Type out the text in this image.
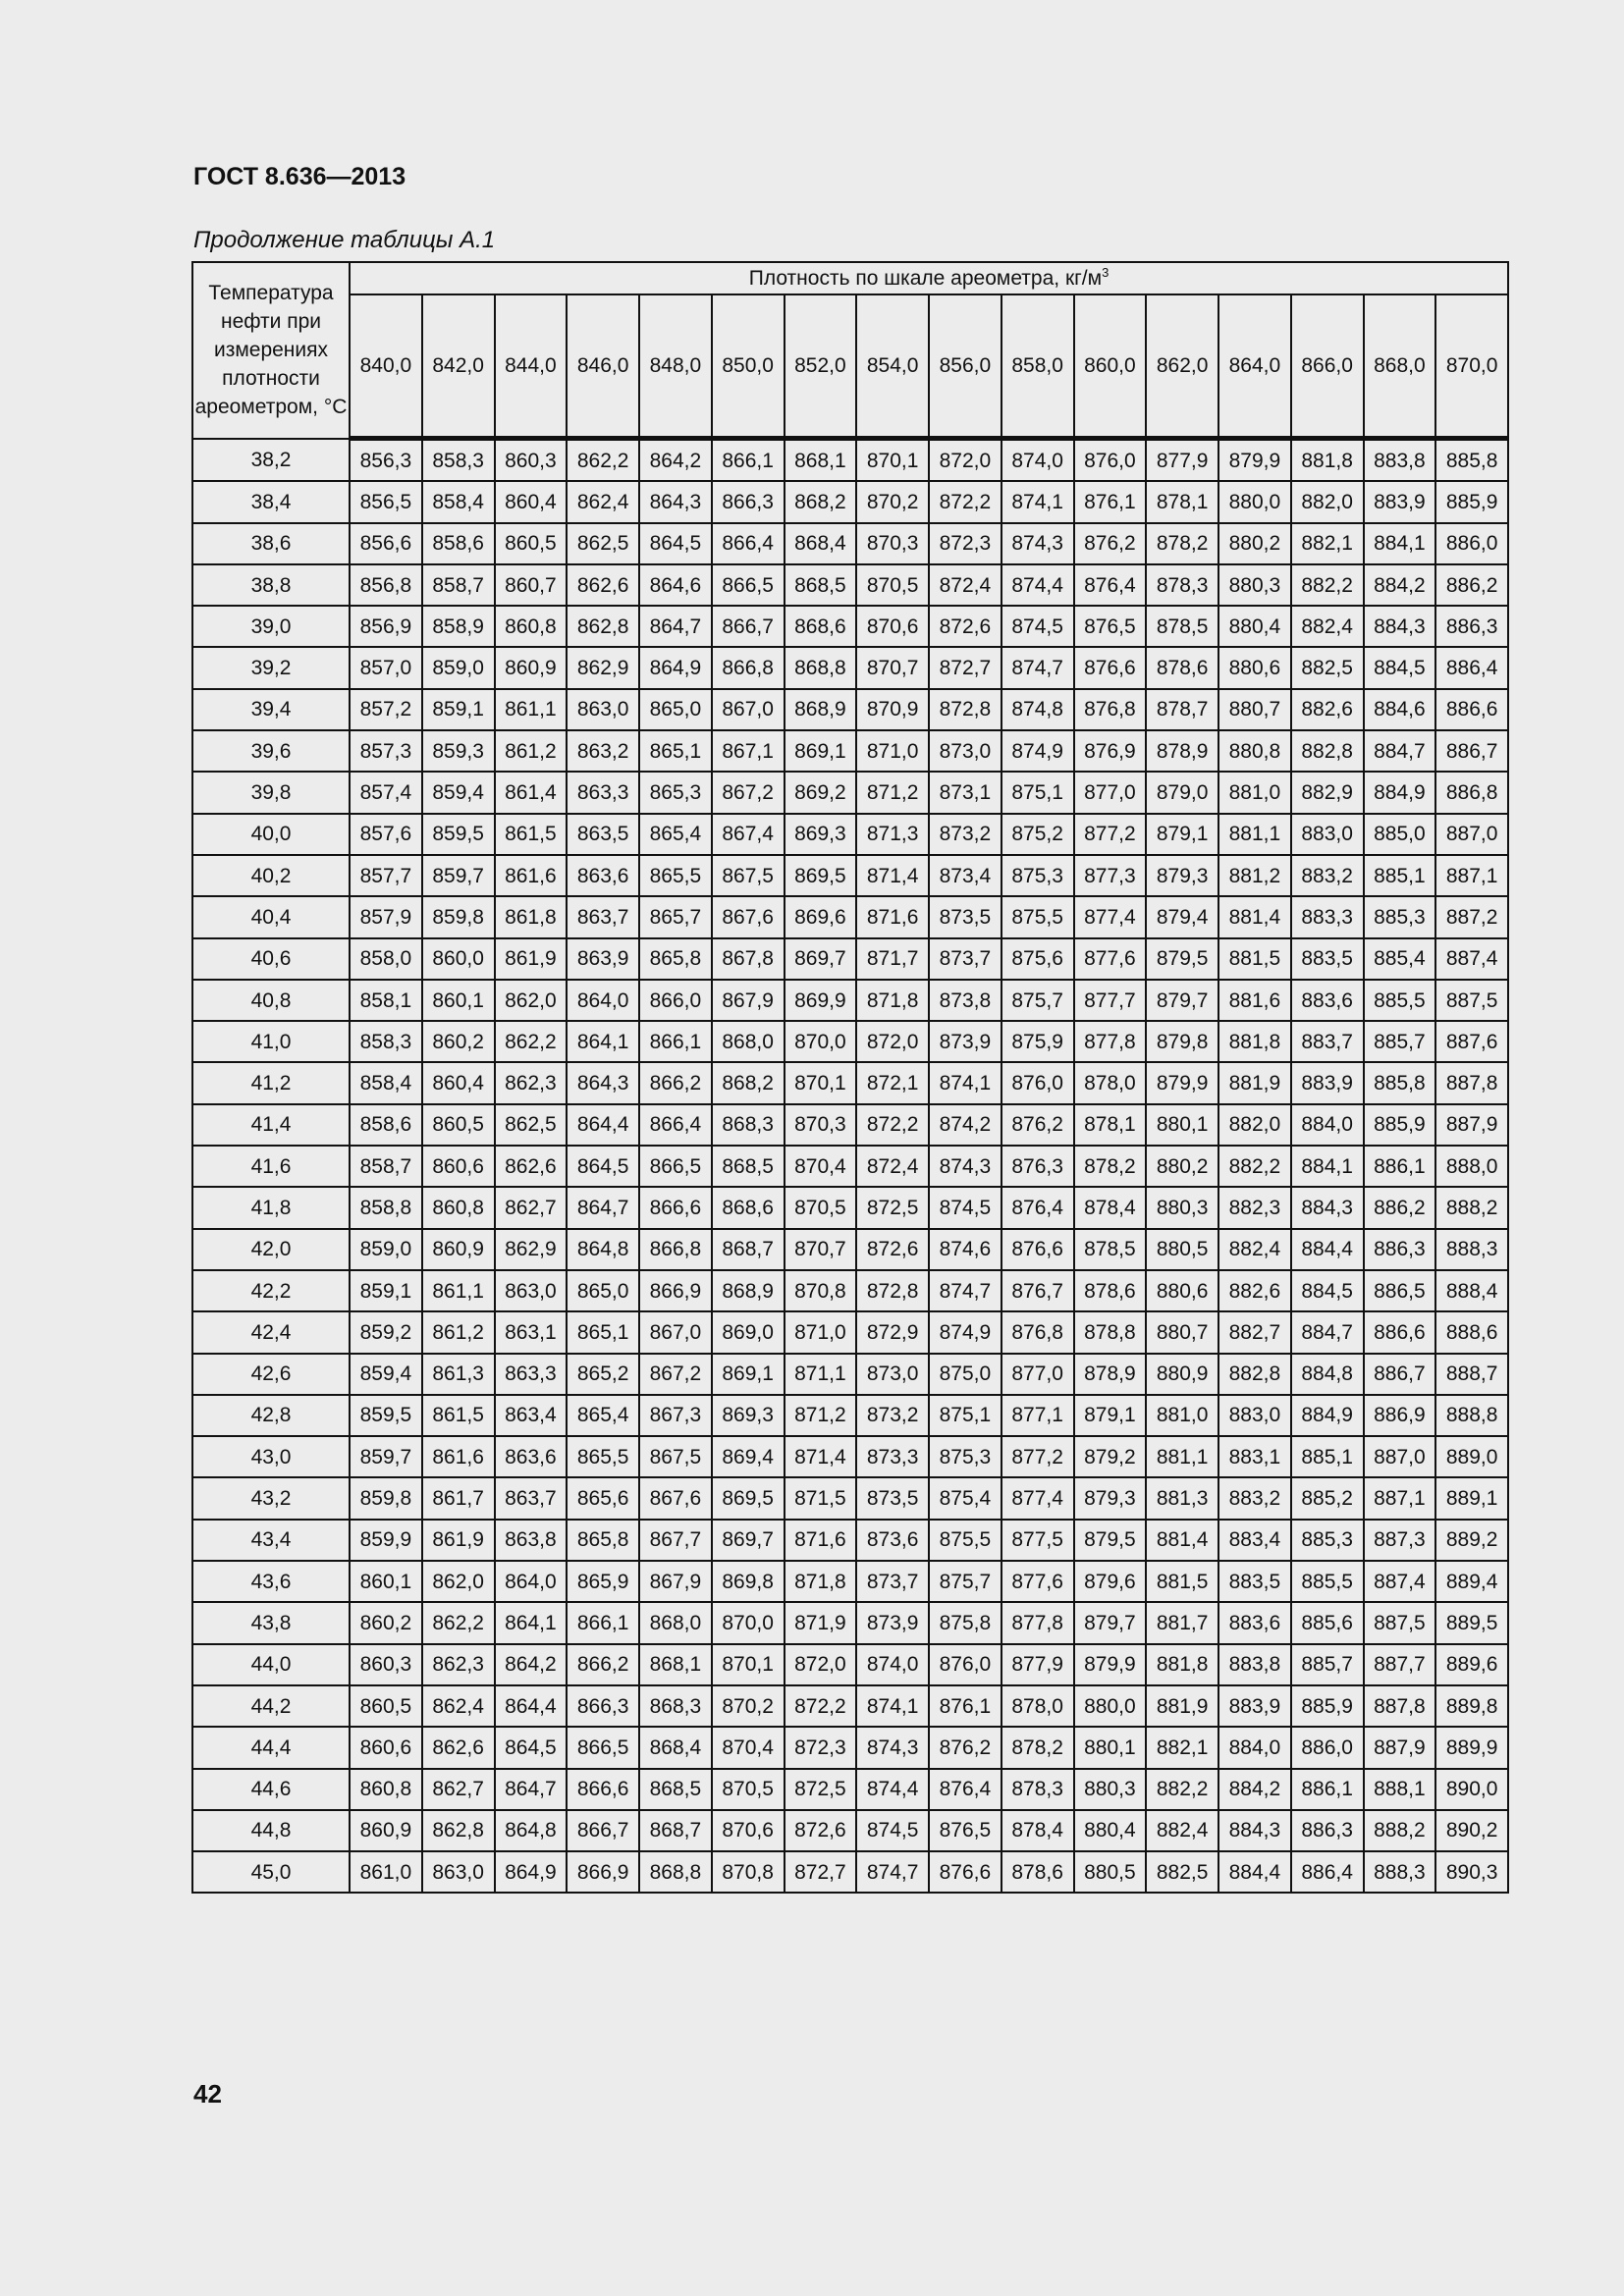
ГОСТ 8.636—2013
Продолжение таблицы А.1
Температура нефти при измерениях плотности ареометром, °С	Плотность по шкале ареометра, $кг/м^3$
	840,0	842,0	844,0	846,0	848,0	850,0	852,0	854,0	856,0	858,0	860,0	862,0	864,0	866,0	868,0	870,0
38,2	856,3	858,3	860,3	862,2	864,2	866,1	868,1	870,1	872,0	874,0	876,0	877,9	879,9	881,8	883,8	885,8
38,4	856,5	858,4	860,4	862,4	864,3	866,3	868,2	870,2	872,2	874,1	876,1	878,1	880,0	882,0	883,9	885,9
38,6	856,6	858,6	860,5	862,5	864,5	866,4	868,4	870,3	872,3	874,3	876,2	878,2	880,2	882,1	884,1	886,0
38,8	856,8	858,7	860,7	862,6	864,6	866,5	868,5	870,5	872,4	874,4	876,4	878,3	880,3	882,2	884,2	886,2
39,0	856,9	858,9	860,8	862,8	864,7	866,7	868,6	870,6	872,6	874,5	876,5	878,5	880,4	882,4	884,3	886,3
39,2	857,0	859,0	860,9	862,9	864,9	866,8	868,8	870,7	872,7	874,7	876,6	878,6	880,6	882,5	884,5	886,4
39,4	857,2	859,1	861,1	863,0	865,0	867,0	868,9	870,9	872,8	874,8	876,8	878,7	880,7	882,6	884,6	886,6
39,6	857,3	859,3	861,2	863,2	865,1	867,1	869,1	871,0	873,0	874,9	876,9	878,9	880,8	882,8	884,7	886,7
39,8	857,4	859,4	861,4	863,3	865,3	867,2	869,2	871,2	873,1	875,1	877,0	879,0	881,0	882,9	884,9	886,8
40,0	857,6	859,5	861,5	863,5	865,4	867,4	869,3	871,3	873,2	875,2	877,2	879,1	881,1	883,0	885,0	887,0
40,2	857,7	859,7	861,6	863,6	865,5	867,5	869,5	871,4	873,4	875,3	877,3	879,3	881,2	883,2	885,1	887,1
40,4	857,9	859,8	861,8	863,7	865,7	867,6	869,6	871,6	873,5	875,5	877,4	879,4	881,4	883,3	885,3	887,2
40,6	858,0	860,0	861,9	863,9	865,8	867,8	869,7	871,7	873,7	875,6	877,6	879,5	881,5	883,5	885,4	887,4
40,8	858,1	860,1	862,0	864,0	866,0	867,9	869,9	871,8	873,8	875,7	877,7	879,7	881,6	883,6	885,5	887,5
41,0	858,3	860,2	862,2	864,1	866,1	868,0	870,0	872,0	873,9	875,9	877,8	879,8	881,8	883,7	885,7	887,6
41,2	858,4	860,4	862,3	864,3	866,2	868,2	870,1	872,1	874,1	876,0	878,0	879,9	881,9	883,9	885,8	887,8
41,4	858,6	860,5	862,5	864,4	866,4	868,3	870,3	872,2	874,2	876,2	878,1	880,1	882,0	884,0	885,9	887,9
41,6	858,7	860,6	862,6	864,5	866,5	868,5	870,4	872,4	874,3	876,3	878,2	880,2	882,2	884,1	886,1	888,0
41,8	858,8	860,8	862,7	864,7	866,6	868,6	870,5	872,5	874,5	876,4	878,4	880,3	882,3	884,3	886,2	888,2
42,0	859,0	860,9	862,9	864,8	866,8	868,7	870,7	872,6	874,6	876,6	878,5	880,5	882,4	884,4	886,3	888,3
42,2	859,1	861,1	863,0	865,0	866,9	868,9	870,8	872,8	874,7	876,7	878,6	880,6	882,6	884,5	886,5	888,4
42,4	859,2	861,2	863,1	865,1	867,0	869,0	871,0	872,9	874,9	876,8	878,8	880,7	882,7	884,7	886,6	888,6
42,6	859,4	861,3	863,3	865,2	867,2	869,1	871,1	873,0	875,0	877,0	878,9	880,9	882,8	884,8	886,7	888,7
42,8	859,5	861,5	863,4	865,4	867,3	869,3	871,2	873,2	875,1	877,1	879,1	881,0	883,0	884,9	886,9	888,8
43,0	859,7	861,6	863,6	865,5	867,5	869,4	871,4	873,3	875,3	877,2	879,2	881,1	883,1	885,1	887,0	889,0
43,2	859,8	861,7	863,7	865,6	867,6	869,5	871,5	873,5	875,4	877,4	879,3	881,3	883,2	885,2	887,1	889,1
43,4	859,9	861,9	863,8	865,8	867,7	869,7	871,6	873,6	875,5	877,5	879,5	881,4	883,4	885,3	887,3	889,2
43,6	860,1	862,0	864,0	865,9	867,9	869,8	871,8	873,7	875,7	877,6	879,6	881,5	883,5	885,5	887,4	889,4
43,8	860,2	862,2	864,1	866,1	868,0	870,0	871,9	873,9	875,8	877,8	879,7	881,7	883,6	885,6	887,5	889,5
44,0	860,3	862,3	864,2	866,2	868,1	870,1	872,0	874,0	876,0	877,9	879,9	881,8	883,8	885,7	887,7	889,6
44,2	860,5	862,4	864,4	866,3	868,3	870,2	872,2	874,1	876,1	878,0	880,0	881,9	883,9	885,9	887,8	889,8
44,4	860,6	862,6	864,5	866,5	868,4	870,4	872,3	874,3	876,2	878,2	880,1	882,1	884,0	886,0	887,9	889,9
44,6	860,8	862,7	864,7	866,6	868,5	870,5	872,5	874,4	876,4	878,3	880,3	882,2	884,2	886,1	888,1	890,0
44,8	860,9	862,8	864,8	866,7	868,7	870,6	872,6	874,5	876,5	878,4	880,4	882,4	884,3	886,3	888,2	890,2
45,0	861,0	863,0	864,9	866,9	868,8	870,8	872,7	874,7	876,6	878,6	880,5	882,5	884,4	886,4	888,3	890,3
42
